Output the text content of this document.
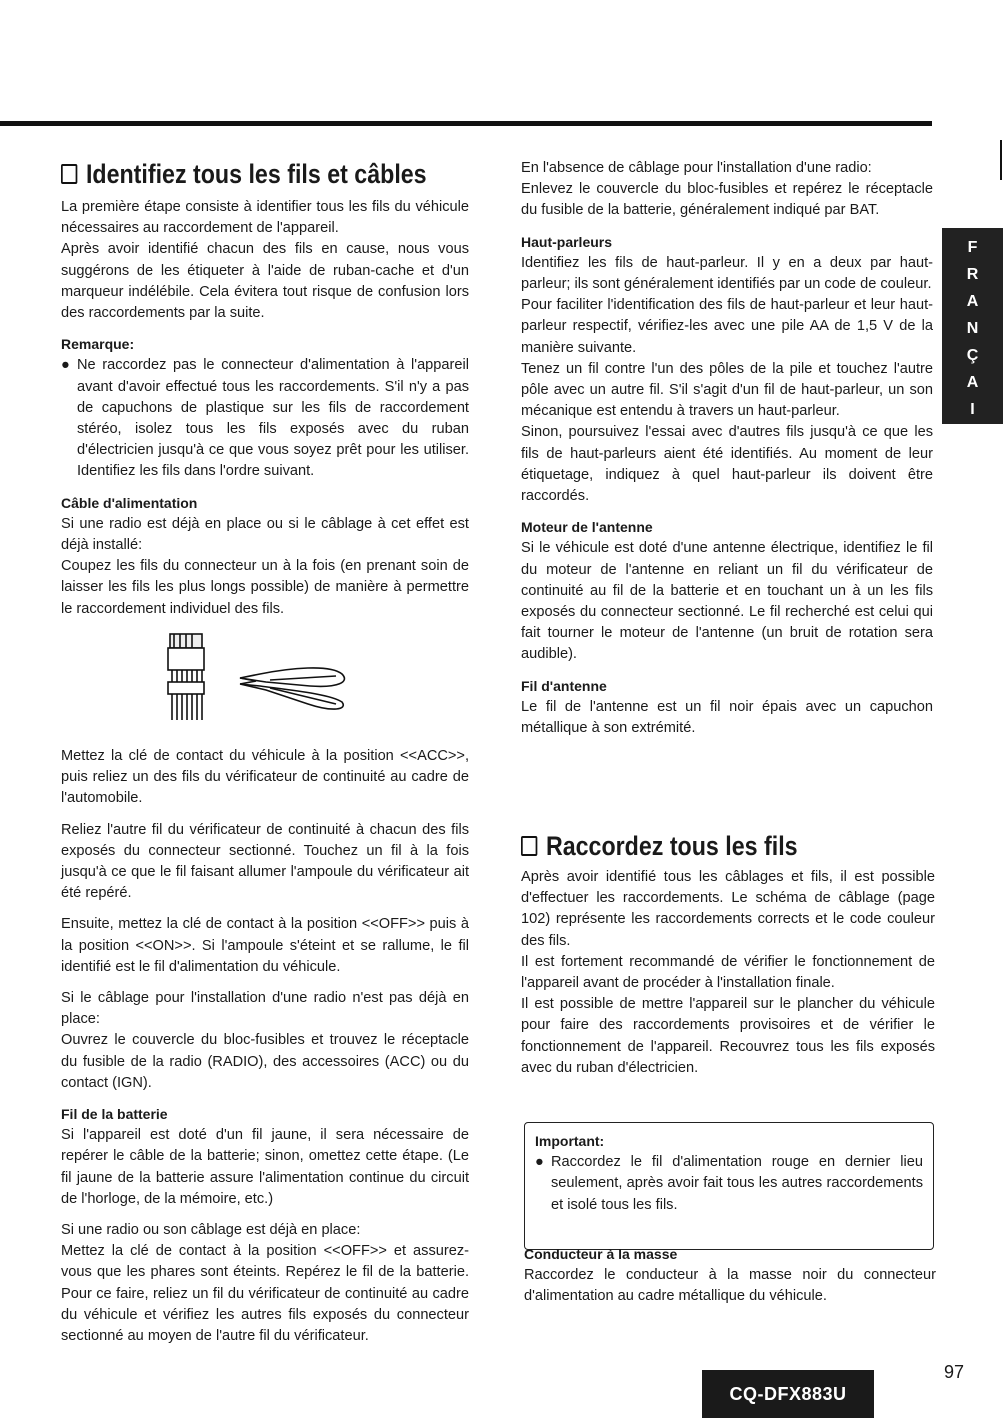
Identifiez tous les fils et câbles

La première étape consiste à identifier tous les fils du véhicule nécessaires au raccordement de l'appareil.

Après avoir identifié chacun des fils en cause, nous vous suggérons de les étiqueter à l'aide de ruban-cache et d'un marqueur indélébile. Cela évitera tout risque de confusion lors des raccordements par la suite.

Remarque:

● Ne raccordez pas le connecteur d'alimentation à l'appareil avant d'avoir effectué tous les raccordements. S'il n'y a pas de capuchons de plastique sur les fils de raccordement stéréo, isolez tous les fils exposés avec du ruban d'électricien jusqu'à ce que vous soyez prêt pour les utiliser. Identifiez les fils dans l'ordre suivant.

Câble d'alimentation

Si une radio est déjà en place ou si le câblage à cet effet est déjà installé:

Coupez les fils du connecteur un à la fois (en prenant soin de laisser les fils les plus longs possible) de manière à permettre le raccordement individuel des fils.

Mettez la clé de contact du véhicule à la position <<ACC>>, puis reliez un des fils du vérificateur de continuité au cadre de l'automobile.

Reliez l'autre fil du vérificateur de continuité à chacun des fils exposés du connecteur sectionné. Touchez un fil à la fois jusqu'à ce que le fil faisant allumer l'ampoule du vérificateur ait été repéré.

Ensuite, mettez la clé de contact à la position <<OFF>> puis à la position <<ON>>. Si l'ampoule s'éteint et se rallume, le fil identifié est le fil d'alimentation du véhicule.

Si le câblage pour l'installation d'une radio n'est pas déjà en place:

Ouvrez le couvercle du bloc-fusibles et trouvez le réceptacle du fusible de la radio (RADIO), des accessoires (ACC) ou du contact (IGN).

Fil de la batterie

Si l'appareil est doté d'un fil jaune, il sera nécessaire de repérer le câble de la batterie; sinon, omettez cette étape. (Le fil jaune de la batterie assure l'alimentation continue du circuit de l'horloge, de la mémoire, etc.)

Si une radio ou son câblage est déjà en place:

Mettez la clé de contact à la position <<OFF>> et assurez-vous que les phares sont éteints. Repérez le fil de la batterie. Pour ce faire, reliez un fil du vérificateur de continuité au cadre du véhicule et vérifiez les autres fils exposés du connecteur sectionné au moyen de l'autre fil du vérificateur.

En l'absence de câblage pour l'installation d'une radio:

Enlevez le couvercle du bloc-fusibles et repérez le réceptacle du fusible de la batterie, généralement indiqué par BAT.

Haut-parleurs

Identifiez les fils de haut-parleur. Il y en a deux par haut-parleur; ils sont généralement identifiés par un code de couleur.

Pour faciliter l'identification des fils de haut-parleur et leur haut-parleur respectif, vérifiez-les avec une pile AA de 1,5 V de la manière suivante.

Tenez un fil contre l'un des pôles de la pile et touchez l'autre pôle avec un autre fil. S'il s'agit d'un fil de haut-parleur, un son mécanique est entendu à travers un haut-parleur.

Sinon, poursuivez l'essai avec d'autres fils jusqu'à ce que les fils de haut-parleurs aient été identifiés. Au moment de leur étiquetage, indiquez à quel haut-parleur ils doivent être raccordés.

Moteur de l'antenne

Si le véhicule est doté d'une antenne électrique, identifiez le fil du moteur de l'antenne en reliant un fil du vérificateur de continuité au fil de la batterie et en touchant un à un les fils exposés du connecteur sectionné. Le fil recherché est celui qui fait tourner le moteur de l'antenne (un bruit de rotation sera audible).

Fil d'antenne

Le fil de l'antenne est un fil noir épais avec un capuchon métallique à son extrémité.

Raccordez tous les fils

Après avoir identifié tous les câblages et fils, il est possible d'effectuer les raccordements. Le schéma de câblage (page 102) représente les raccordements corrects et le code couleur des fils.

Il est fortement recommandé de vérifier le fonctionnement de l'appareil avant de procéder à l'installation finale.

Il est possible de mettre l'appareil sur le plancher du véhicule pour faire des raccordements provisoires et de vérifier le fonctionnement de l'appareil. Recouvrez tous les fils exposés avec du ruban d'électricien.

Important:

● Raccordez le fil d'alimentation rouge en dernier lieu seulement, après avoir fait tous les autres raccordements et isolé tous les fils.

Conducteur à la masse

Raccordez le conducteur à la masse noir du connecteur d'alimentation au cadre métallique du véhicule.

F
R
A
N
Ç
A
I
S
36
CQ-DFX883U
97
